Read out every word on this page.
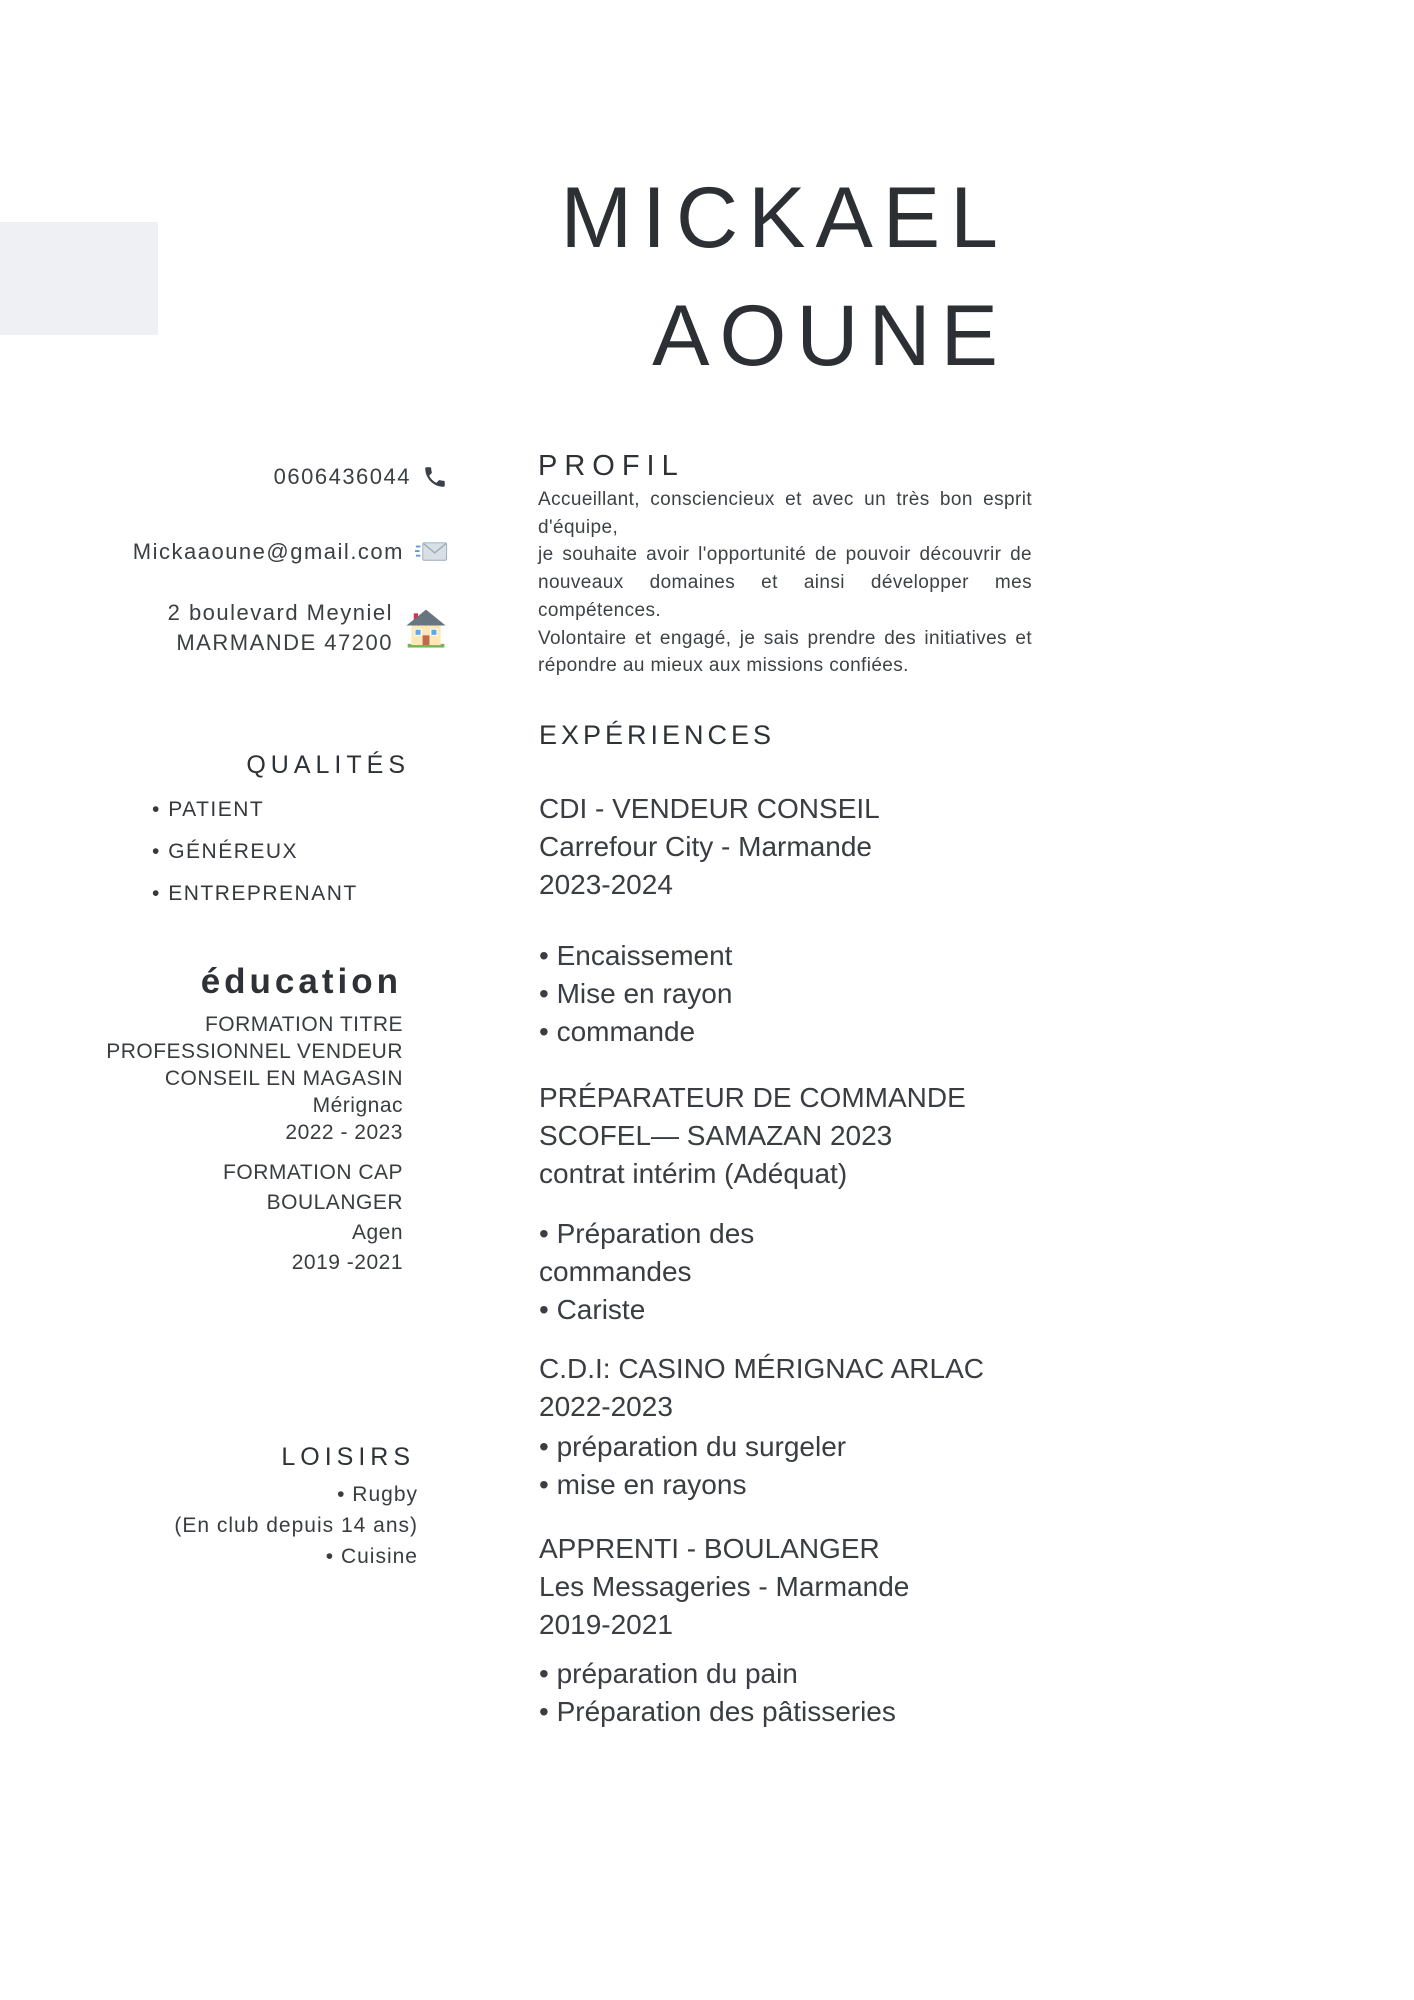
MICKAEL
AOUNE
0606436044
Mickaaoune@gmail.com
2 boulevard Meyniel
MARMANDE 47200
QUALITÉS
• PATIENT
• GÉNÉREUX
• ENTREPRENANT
éducation
FORMATION TITRE
PROFESSIONNEL VENDEUR
CONSEIL EN MAGASIN
Mérignac
2022 - 2023
FORMATION CAP
BOULANGER
Agen
2019 -2021
LOISIRS
• Rugby
(En club depuis 14 ans)
• Cuisine
PROFIL
Accueillant, consciencieux et avec un très bon esprit d'équipe,
je souhaite avoir l'opportunité de pouvoir découvrir de
nouveaux domaines et ainsi développer mes compétences.
Volontaire et engagé, je sais prendre des initiatives et
répondre au mieux aux missions confiées.
EXPÉRIENCES
CDI - VENDEUR CONSEIL
Carrefour City - Marmande
2023-2024
• Encaissement
• Mise en rayon
• commande
PRÉPARATEUR DE COMMANDE
SCOFEL— SAMAZAN 2023
contrat intérim (Adéquat)
• Préparation des
commandes
• Cariste
C.D.I: CASINO MÉRIGNAC ARLAC
2022-2023
• préparation du surgeler
• mise en rayons
APPRENTI - BOULANGER
Les Messageries - Marmande
2019-2021
• préparation du pain
• Préparation des pâtisseries
